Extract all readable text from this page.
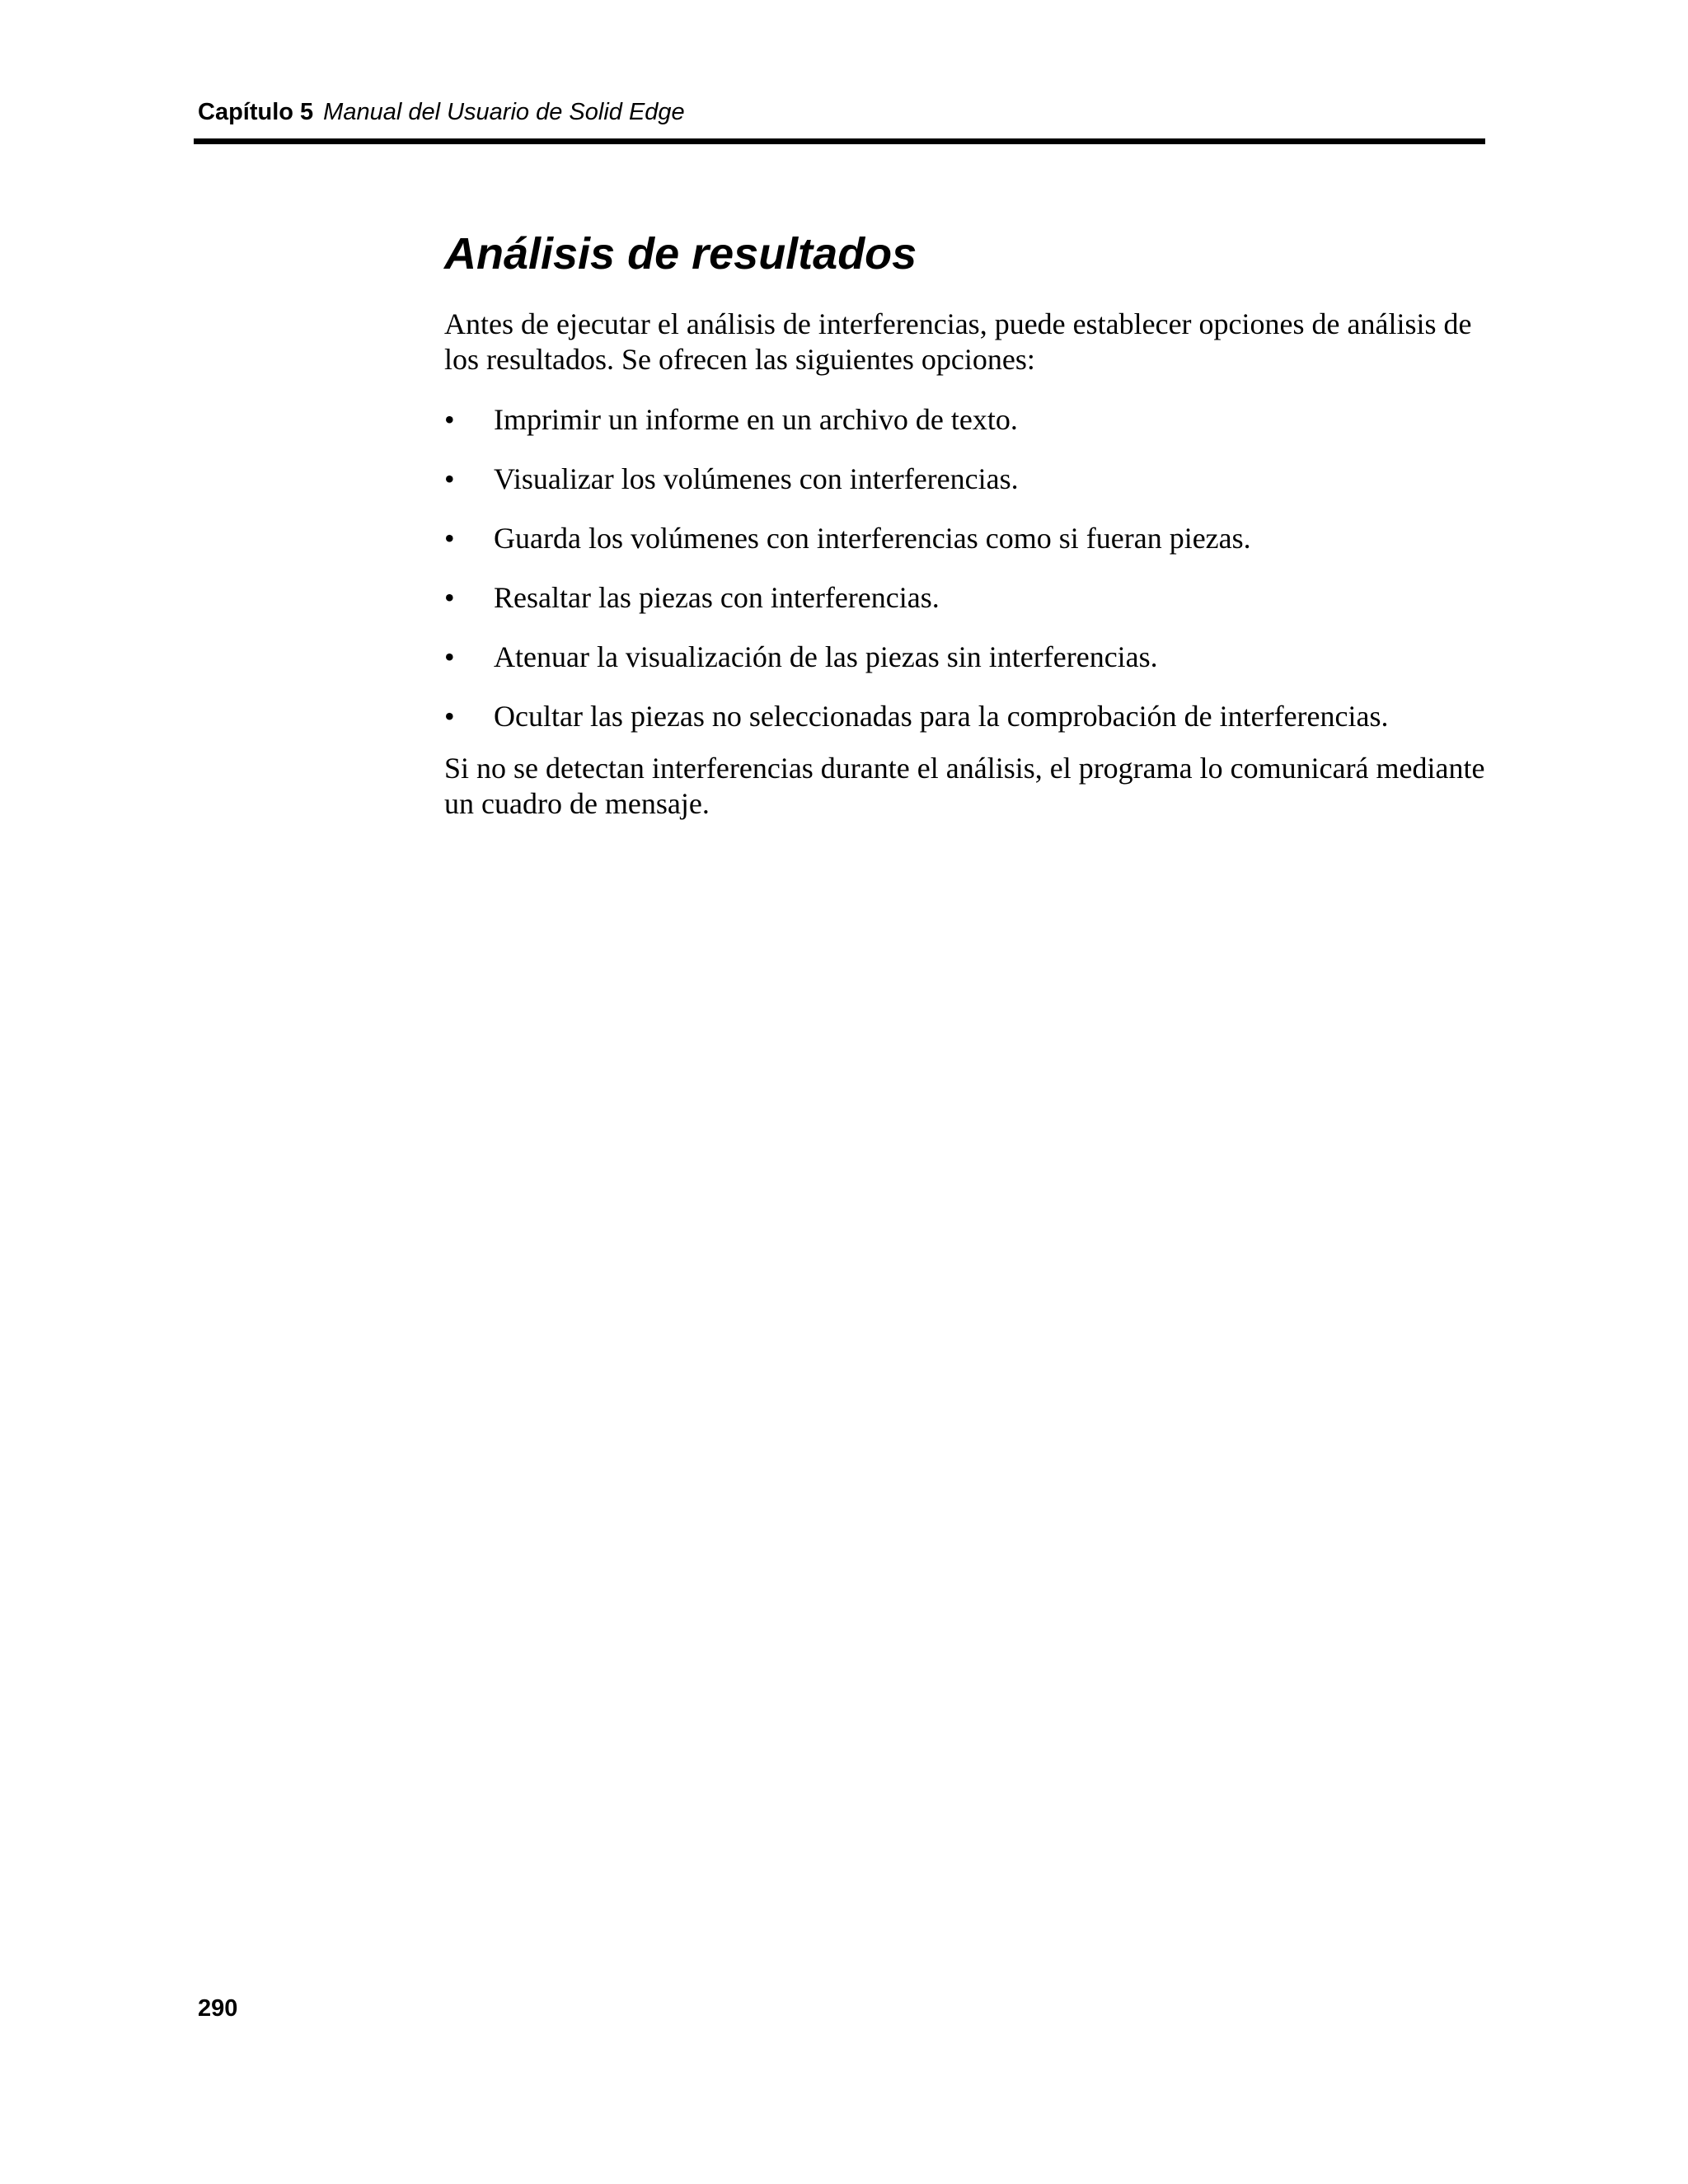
Capítulo 5 Manual del Usuario de Solid Edge
Análisis de resultados

Antes de ejecutar el análisis de interferencias, puede establecer opciones de análisis de los resultados. Se ofrecen las siguientes opciones:

•	Imprimir un informe en un archivo de texto.
•	Visualizar los volúmenes con interferencias.
•	Guarda los volúmenes con interferencias como si fueran piezas.
•	Resaltar las piezas con interferencias.
•	Atenuar la visualización de las piezas sin interferencias.
•	Ocultar las piezas no seleccionadas para la comprobación de interferencias.

Si no se detectan interferencias durante el análisis, el programa lo comunicará mediante un cuadro de mensaje.

290
